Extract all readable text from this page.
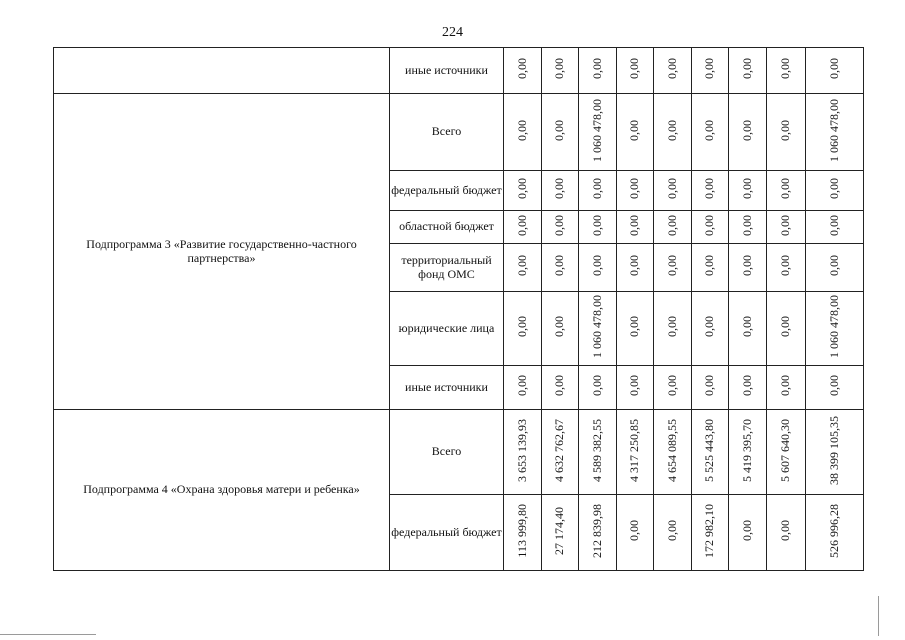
224
	иные источники	0,00	0,00	0,00	0,00	0,00	0,00	0,00	0,00	0,00
Подпрограмма 3 «Развитие государственно-частного партнерства»	Всего	0,00	0,00	1 060 478,00	0,00	0,00	0,00	0,00	0,00	1 060 478,00
	федеральный бюджет	0,00	0,00	0,00	0,00	0,00	0,00	0,00	0,00	0,00
	областной бюджет	0,00	0,00	0,00	0,00	0,00	0,00	0,00	0,00	0,00
	территориальный фонд ОМС	0,00	0,00	0,00	0,00	0,00	0,00	0,00	0,00	0,00
	юридические лица	0,00	0,00	1 060 478,00	0,00	0,00	0,00	0,00	0,00	1 060 478,00
	иные источники	0,00	0,00	0,00	0,00	0,00	0,00	0,00	0,00	0,00
Подпрограмма 4 «Охрана здоровья матери и ребенка»	Всего	3 653 139,93	4 632 762,67	4 589 382,55	4 317 250,85	4 654 089,55	5 525 443,80	5 419 395,70	5 607 640,30	38 399 105,35
	федеральный бюджет	113 999,80	27 174,40	212 839,98	0,00	0,00	172 982,10	0,00	0,00	526 996,28
